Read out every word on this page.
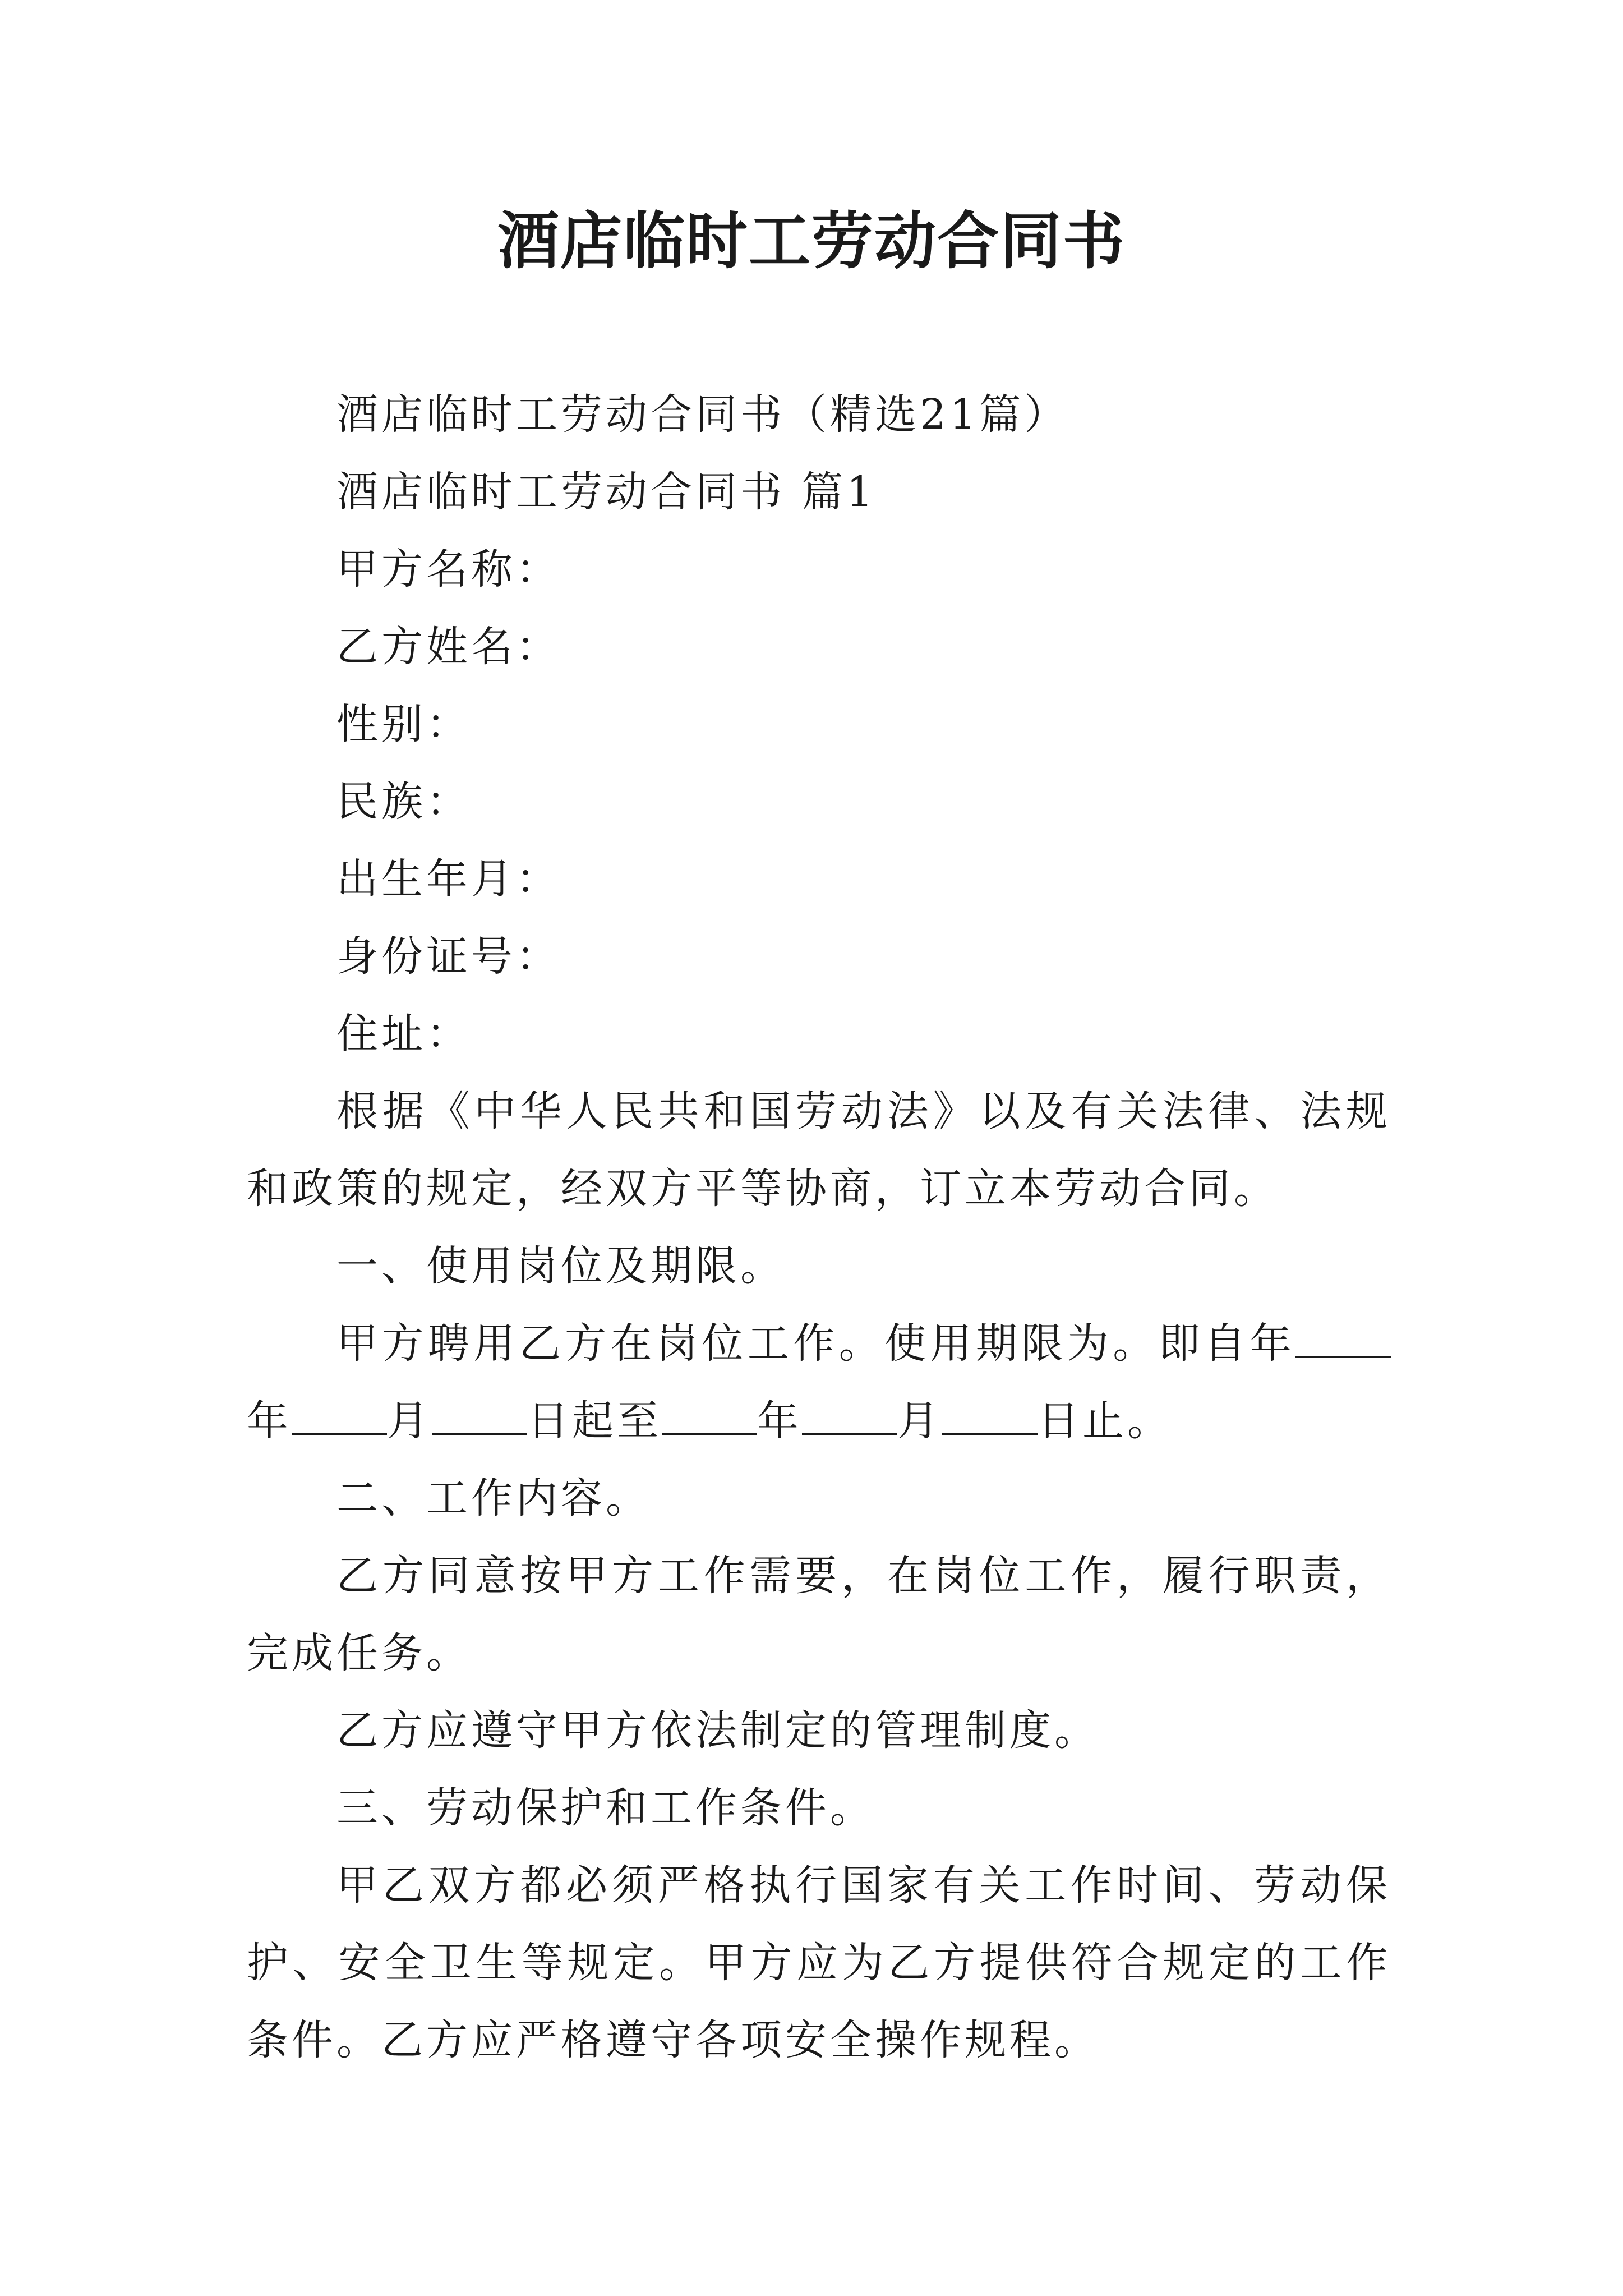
酒店临时工劳动合同书

酒店临时工劳动合同书（精选21篇）

酒店临时工劳动合同书 篇1

甲方名称：

乙方姓名：

性别：

民族：

出生年月：

身份证号：

住址：

根据《中华人民共和国劳动法》以及有关法律、法规和政策的规定，经双方平等协商，订立本劳动合同。

一、使用岗位及期限。

甲方聘用乙方在岗位工作。使用期限为。即自年年 月 日起至 年 月 日止。

二、工作内容。

乙方同意按甲方工作需要，在岗位工作，履行职责，完成任务。

乙方应遵守甲方依法制定的管理制度。

三、劳动保护和工作条件。

甲乙双方都必须严格执行国家有关工作时间、劳动保护、安全卫生等规定。甲方应为乙方提供符合规定的工作条件。乙方应严格遵守各项安全操作规程。
